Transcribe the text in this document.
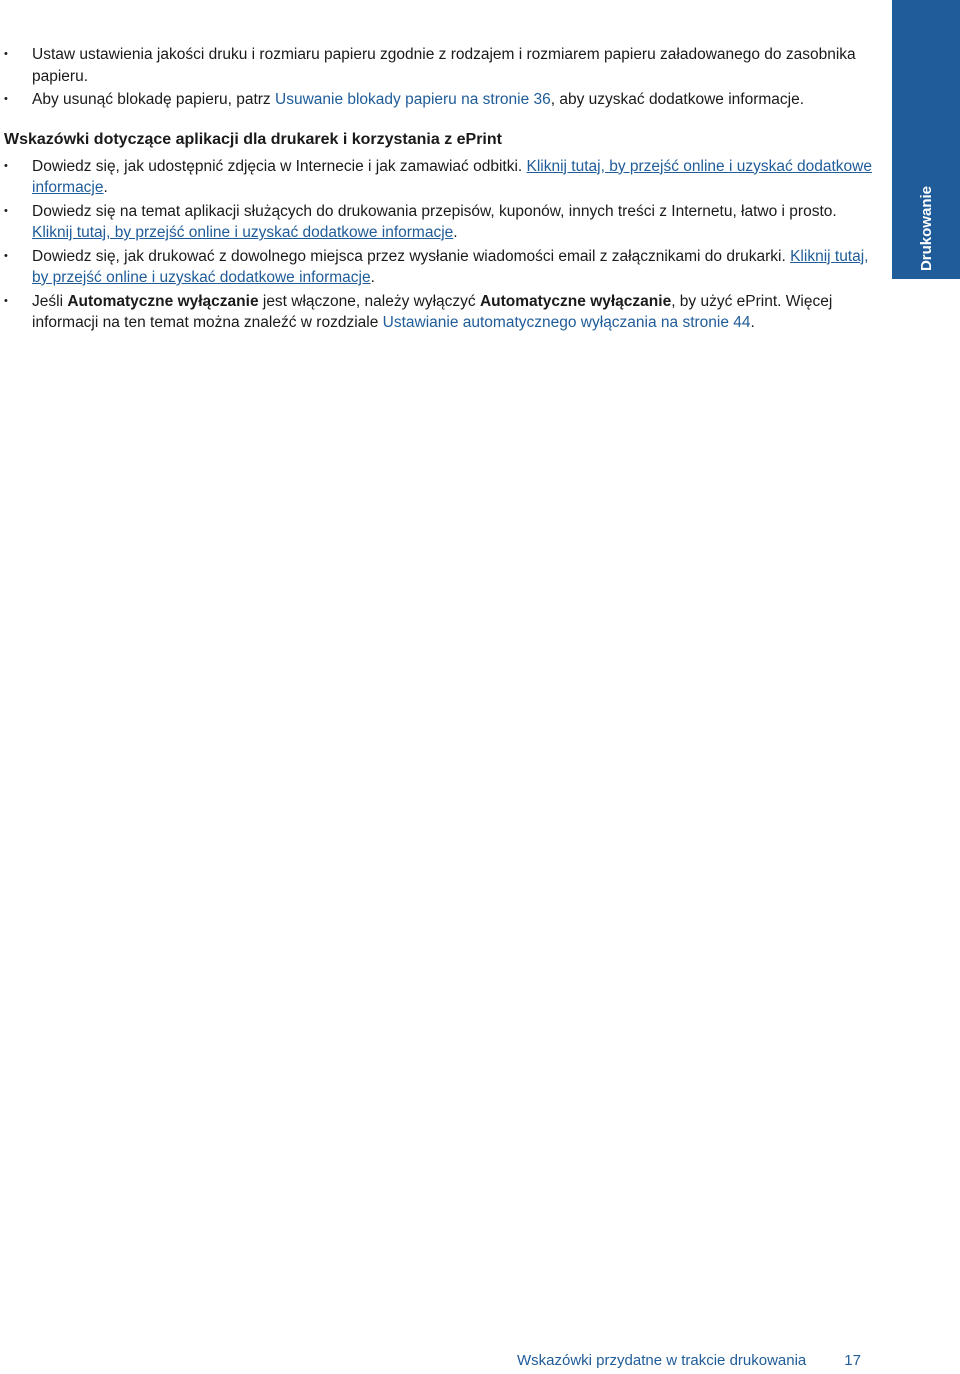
Drukowanie
• Ustaw ustawienia jakości druku i rozmiaru papieru zgodnie z rodzajem i rozmiarem papieru załadowanego do zasobnika papieru.
• Aby usunąć blokadę papieru, patrz Usuwanie blokady papieru na stronie 36, aby uzyskać dodatkowe informacje.
Wskazówki dotyczące aplikacji dla drukarek i korzystania z ePrint
• Dowiedz się, jak udostępnić zdjęcia w Internecie i jak zamawiać odbitki. Kliknij tutaj, by przejść online i uzyskać dodatkowe informacje.
• Dowiedz się na temat aplikacji służących do drukowania przepisów, kuponów, innych treści z Internetu, łatwo i prosto. Kliknij tutaj, by przejść online i uzyskać dodatkowe informacje.
• Dowiedz się, jak drukować z dowolnego miejsca przez wysłanie wiadomości email z załącznikami do drukarki. Kliknij tutaj, by przejść online i uzyskać dodatkowe informacje.
• Jeśli Automatyczne wyłączanie jest włączone, należy wyłączyć Automatyczne wyłączanie, by użyć ePrint. Więcej informacji na ten temat można znaleźć w rozdziale Ustawianie automatycznego wyłączania na stronie 44.
Wskazówki przydatne w trakcie drukowania	17
